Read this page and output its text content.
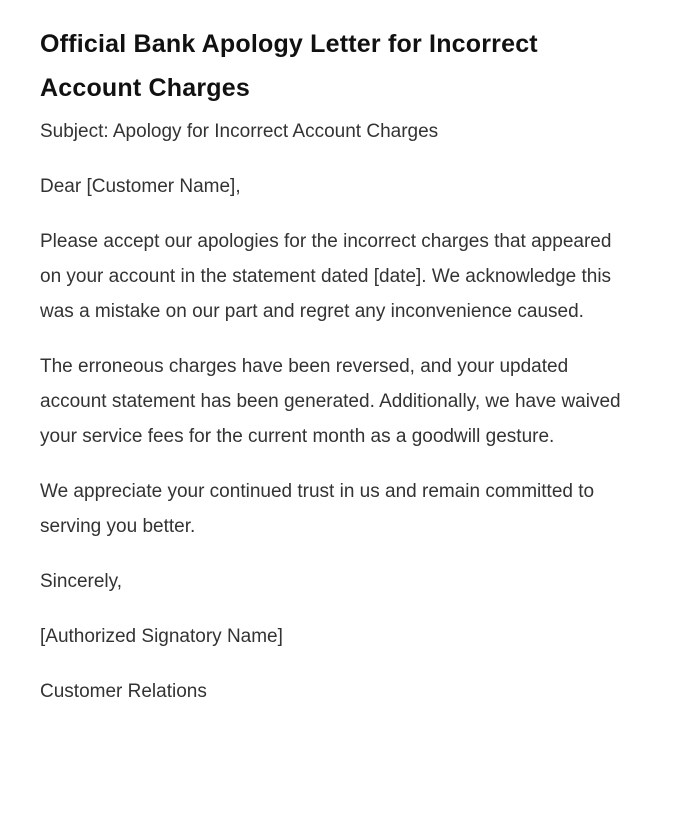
Official Bank Apology Letter for Incorrect Account Charges

Subject: Apology for Incorrect Account Charges

Dear [Customer Name],

Please accept our apologies for the incorrect charges that appeared on your account in the statement dated [date]. We acknowledge this was a mistake on our part and regret any inconvenience caused.

The erroneous charges have been reversed, and your updated account statement has been generated. Additionally, we have waived your service fees for the current month as a goodwill gesture.

We appreciate your continued trust in us and remain committed to serving you better.

Sincerely,

[Authorized Signatory Name]

Customer Relations
